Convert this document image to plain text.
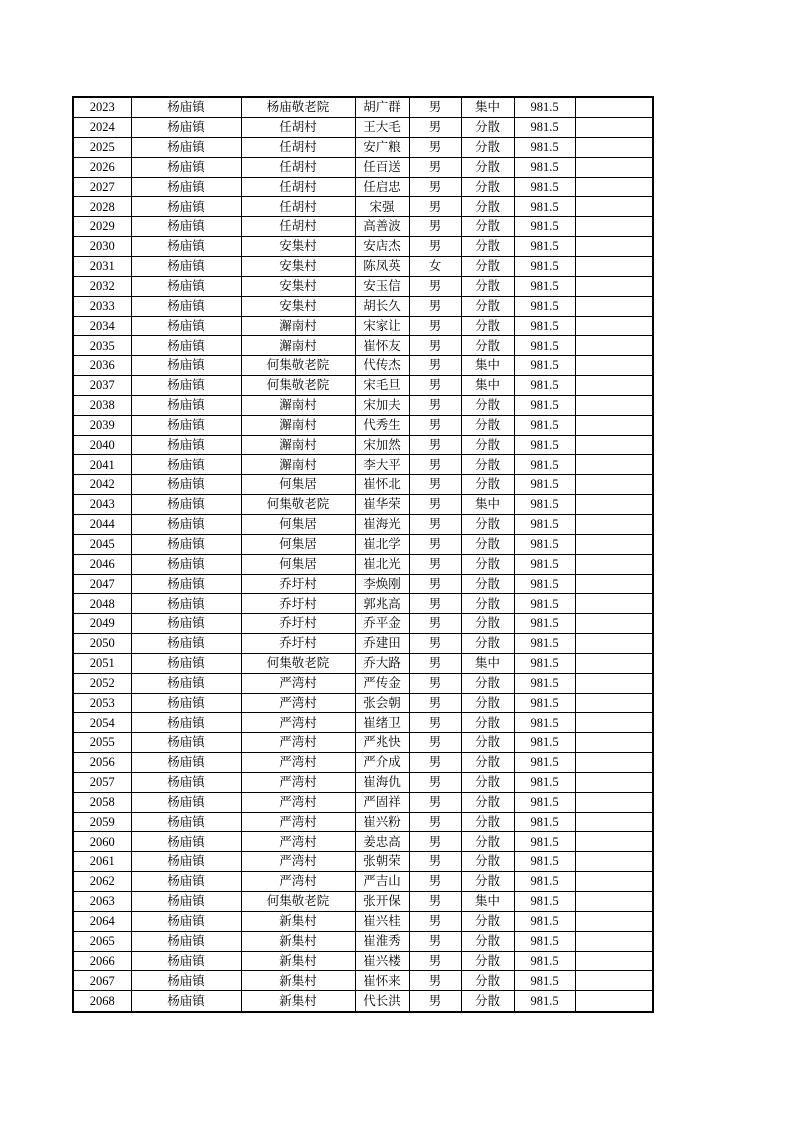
2023	杨庙镇	杨庙敬老院	胡广群	男	集中	981.5	
2024	杨庙镇	任胡村	王大毛	男	分散	981.5	
2025	杨庙镇	任胡村	安广粮	男	分散	981.5	
2026	杨庙镇	任胡村	任百送	男	分散	981.5	
2027	杨庙镇	任胡村	任启忠	男	分散	981.5	
2028	杨庙镇	任胡村	宋强	男	分散	981.5	
2029	杨庙镇	任胡村	高善波	男	分散	981.5	
2030	杨庙镇	安集村	安店杰	男	分散	981.5	
2031	杨庙镇	安集村	陈凤英	女	分散	981.5	
2032	杨庙镇	安集村	安玉信	男	分散	981.5	
2033	杨庙镇	安集村	胡长久	男	分散	981.5	
2034	杨庙镇	澥南村	宋家让	男	分散	981.5	
2035	杨庙镇	澥南村	崔怀友	男	分散	981.5	
2036	杨庙镇	何集敬老院	代传杰	男	集中	981.5	
2037	杨庙镇	何集敬老院	宋毛旦	男	集中	981.5	
2038	杨庙镇	澥南村	宋加夫	男	分散	981.5	
2039	杨庙镇	澥南村	代秀生	男	分散	981.5	
2040	杨庙镇	澥南村	宋加然	男	分散	981.5	
2041	杨庙镇	澥南村	李大平	男	分散	981.5	
2042	杨庙镇	何集居	崔怀北	男	分散	981.5	
2043	杨庙镇	何集敬老院	崔华荣	男	集中	981.5	
2044	杨庙镇	何集居	崔海光	男	分散	981.5	
2045	杨庙镇	何集居	崔北学	男	分散	981.5	
2046	杨庙镇	何集居	崔北光	男	分散	981.5	
2047	杨庙镇	乔圩村	李焕刚	男	分散	981.5	
2048	杨庙镇	乔圩村	郭兆高	男	分散	981.5	
2049	杨庙镇	乔圩村	乔平金	男	分散	981.5	
2050	杨庙镇	乔圩村	乔建田	男	分散	981.5	
2051	杨庙镇	何集敬老院	乔大路	男	集中	981.5	
2052	杨庙镇	严湾村	严传金	男	分散	981.5	
2053	杨庙镇	严湾村	张会朝	男	分散	981.5	
2054	杨庙镇	严湾村	崔绪卫	男	分散	981.5	
2055	杨庙镇	严湾村	严兆快	男	分散	981.5	
2056	杨庙镇	严湾村	严介成	男	分散	981.5	
2057	杨庙镇	严湾村	崔海仇	男	分散	981.5	
2058	杨庙镇	严湾村	严固祥	男	分散	981.5	
2059	杨庙镇	严湾村	崔兴粉	男	分散	981.5	
2060	杨庙镇	严湾村	姜忠高	男	分散	981.5	
2061	杨庙镇	严湾村	张朝荣	男	分散	981.5	
2062	杨庙镇	严湾村	严吉山	男	分散	981.5	
2063	杨庙镇	何集敬老院	张开保	男	集中	981.5	
2064	杨庙镇	新集村	崔兴桂	男	分散	981.5	
2065	杨庙镇	新集村	崔淮秀	男	分散	981.5	
2066	杨庙镇	新集村	崔兴楼	男	分散	981.5	
2067	杨庙镇	新集村	崔怀来	男	分散	981.5	
2068	杨庙镇	新集村	代长洪	男	分散	981.5	
